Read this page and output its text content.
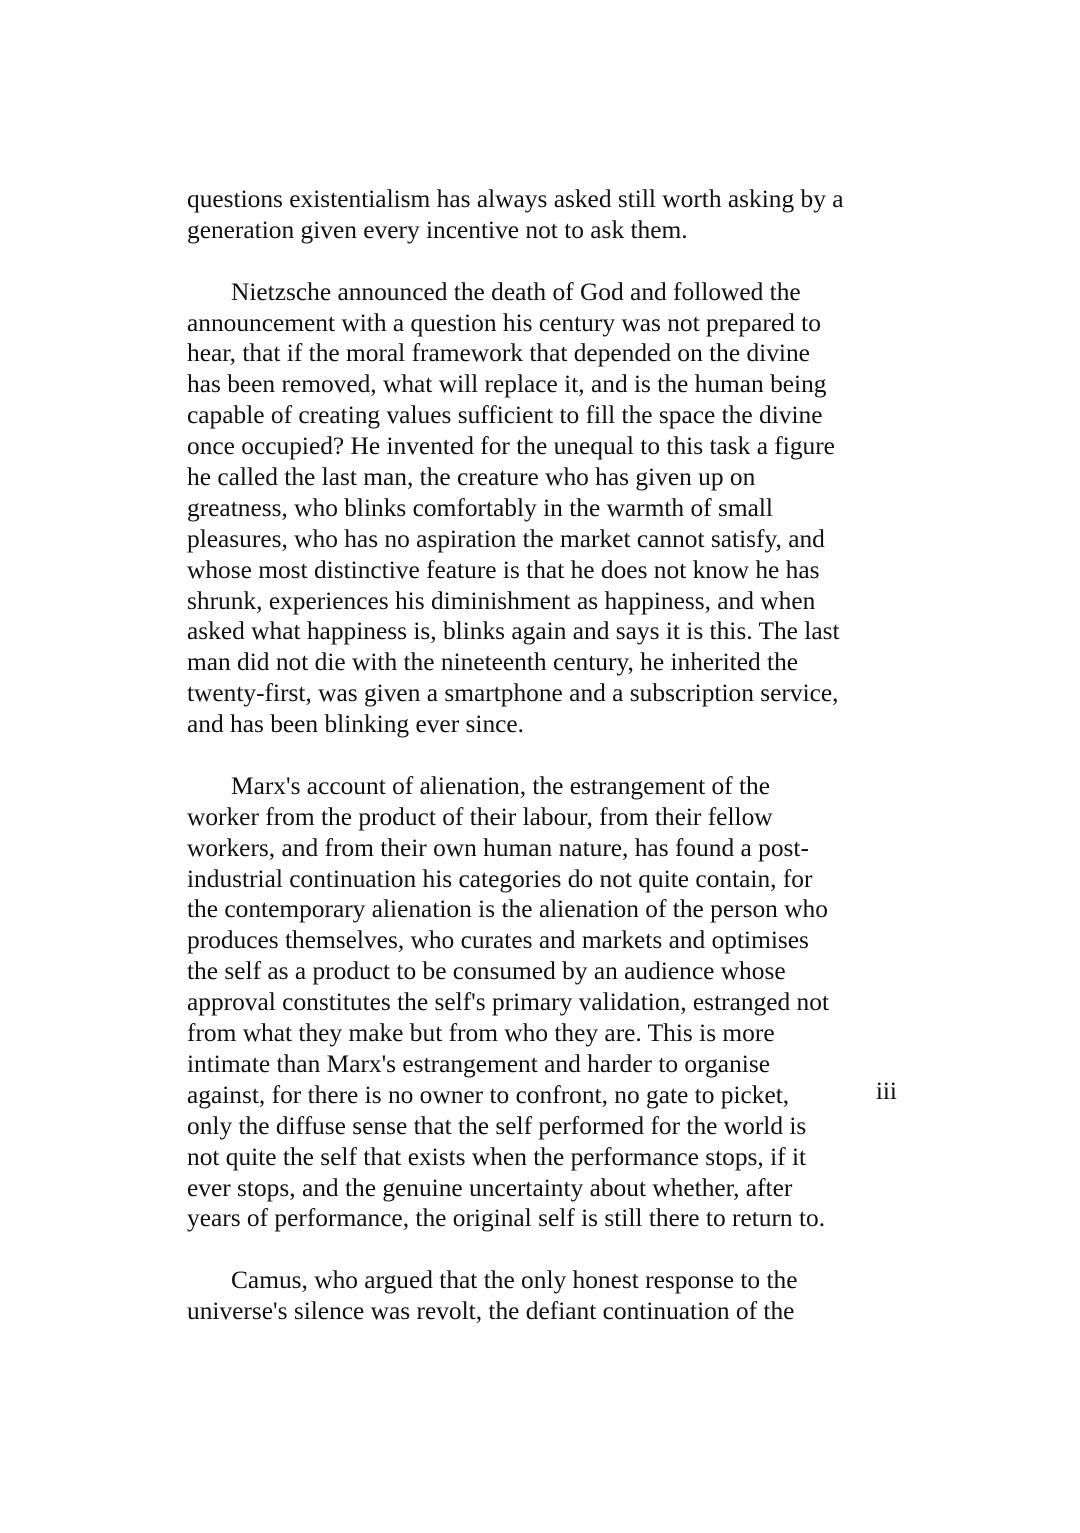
questions existentialism has always asked still worth asking by a
generation given every incentive not to ask them.
Nietzsche announced the death of God and followed the
announcement with a question his century was not prepared to
hear, that if the moral framework that depended on the divine
has been removed, what will replace it, and is the human being
capable of creating values sufficient to fill the space the divine
once occupied? He invented for the unequal to this task a figure
he called the last man, the creature who has given up on
greatness, who blinks comfortably in the warmth of small
pleasures, who has no aspiration the market cannot satisfy, and
whose most distinctive feature is that he does not know he has
shrunk, experiences his diminishment as happiness, and when
asked what happiness is, blinks again and says it is this. The last
man did not die with the nineteenth century, he inherited the
twenty-first, was given a smartphone and a subscription service,
and has been blinking ever since.
Marx's account of alienation, the estrangement of the
worker from the product of their labour, from their fellow
workers, and from their own human nature, has found a post-
industrial continuation his categories do not quite contain, for
the contemporary alienation is the alienation of the person who
produces themselves, who curates and markets and optimises
the self as a product to be consumed by an audience whose
approval constitutes the self's primary validation, estranged not
from what they make but from who they are. This is more
intimate than Marx's estrangement and harder to organise
against, for there is no owner to confront, no gate to picket,
only the diffuse sense that the self performed for the world is
not quite the self that exists when the performance stops, if it
ever stops, and the genuine uncertainty about whether, after
years of performance, the original self is still there to return to.
Camus, who argued that the only honest response to the
universe's silence was revolt, the defiant continuation of the
iii
